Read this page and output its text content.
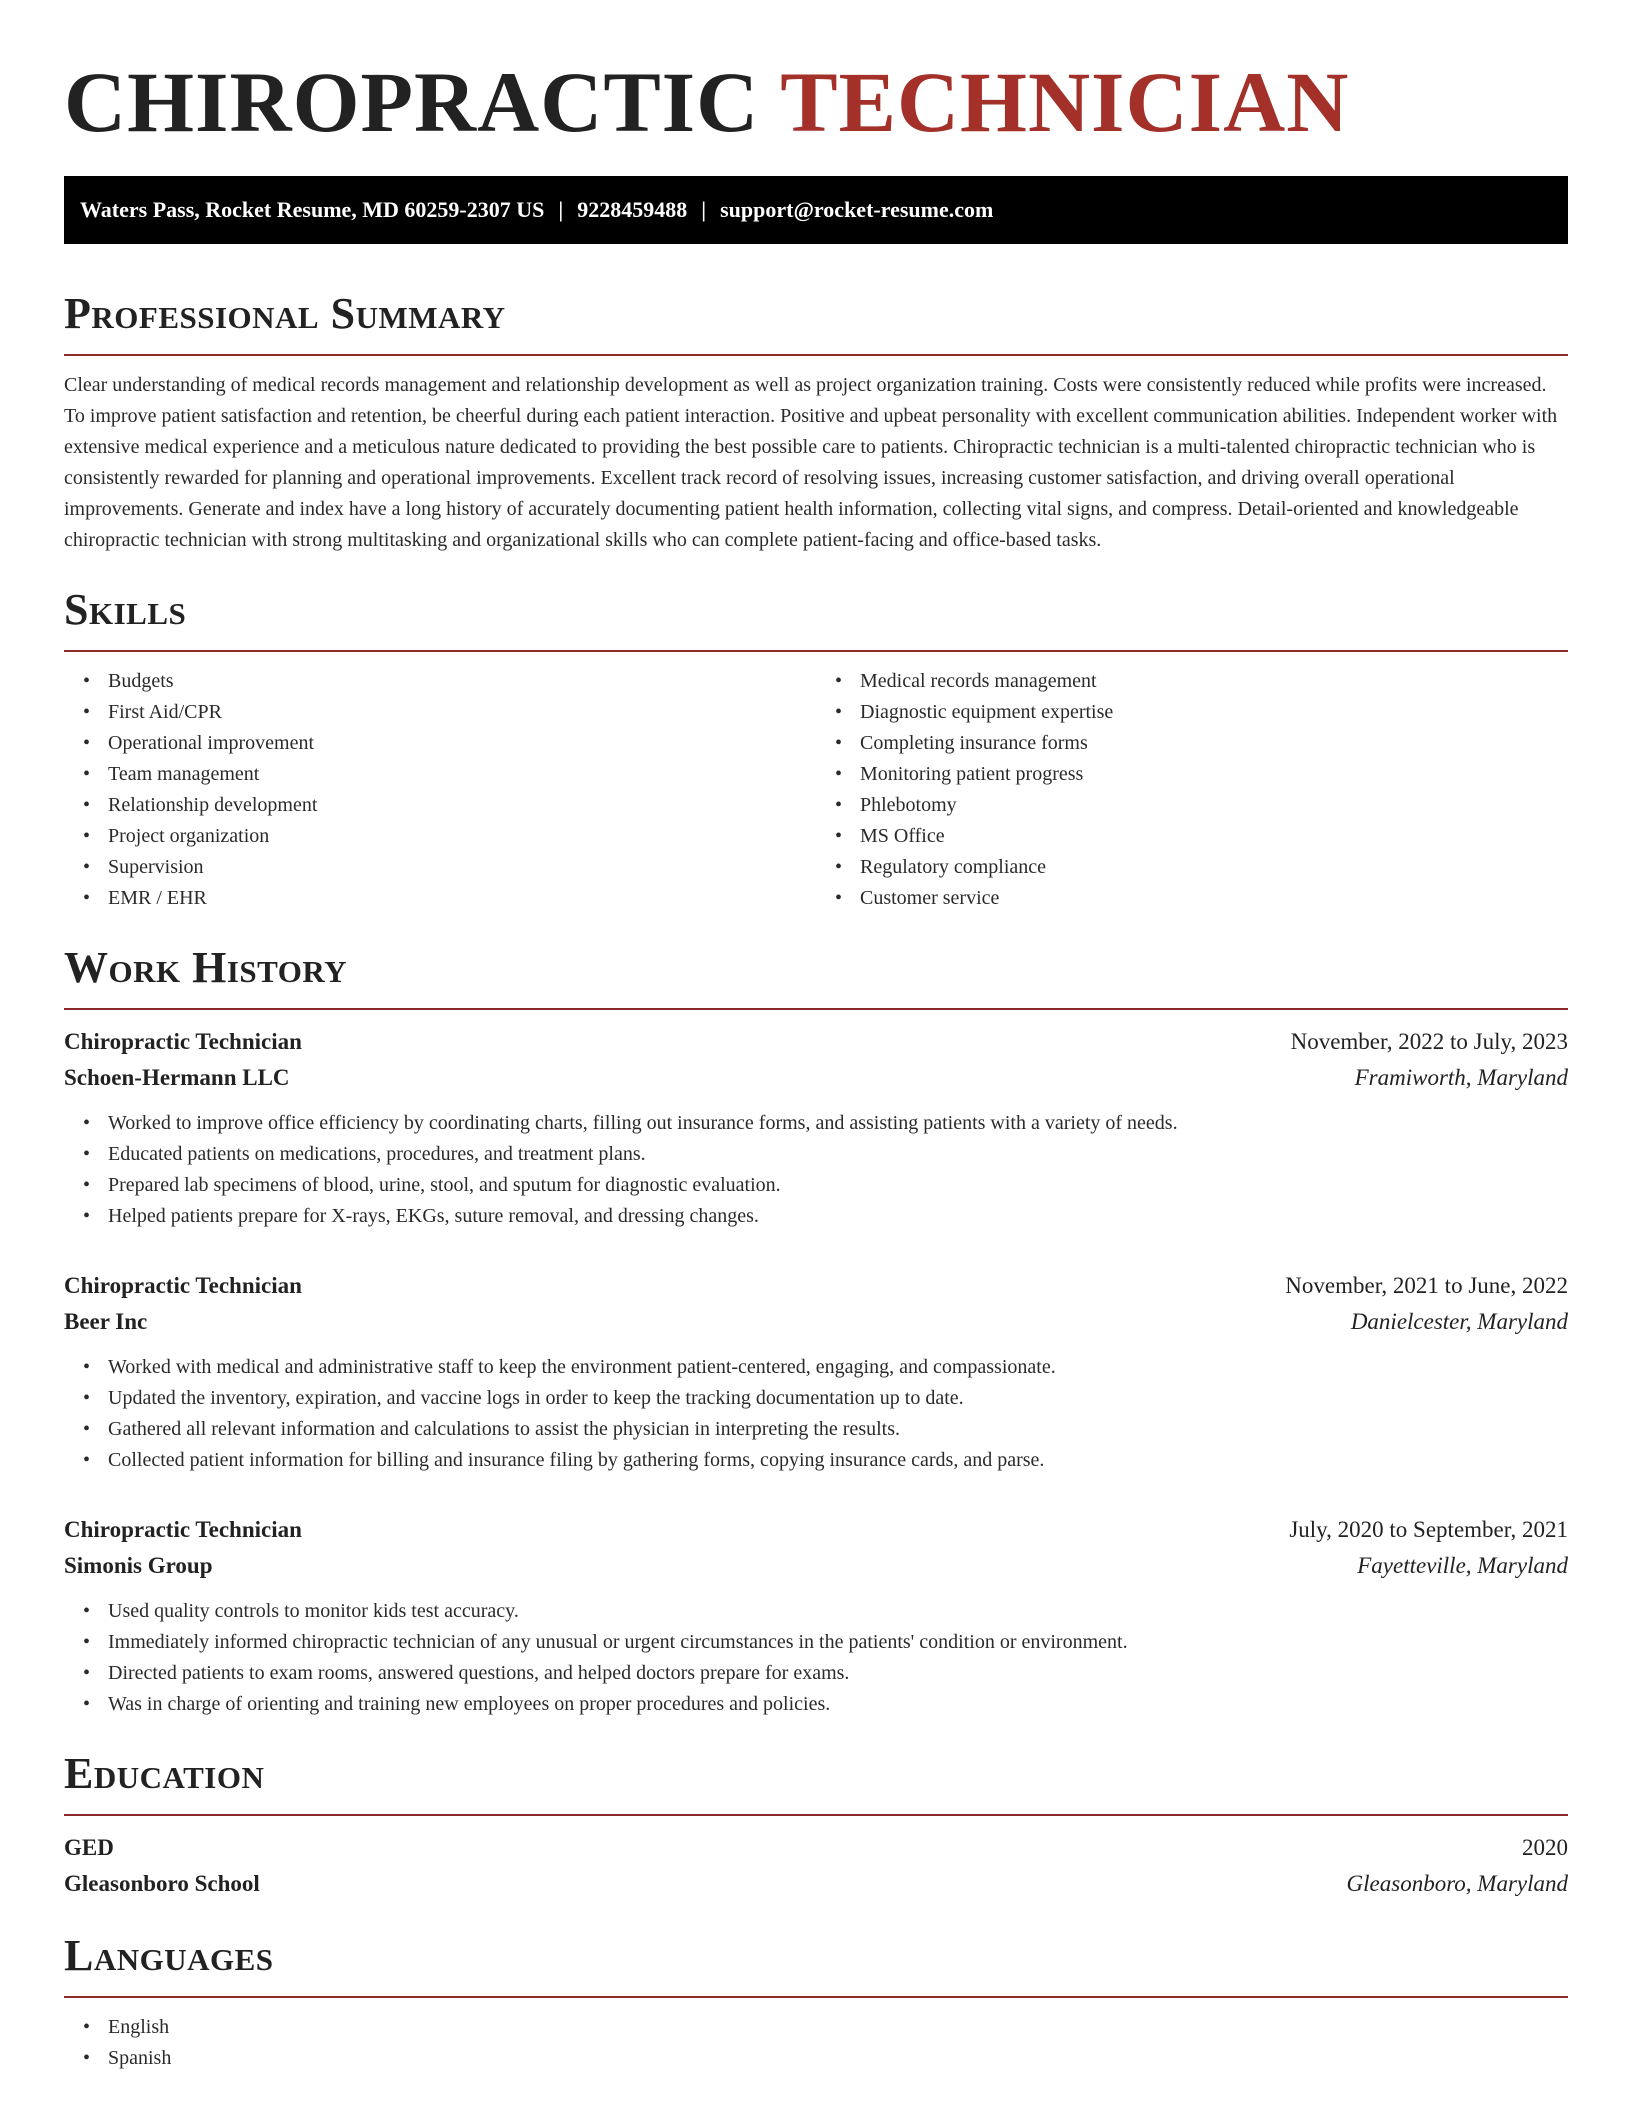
CHIROPRACTIC TECHNICIAN
Waters Pass, Rocket Resume, MD 60259-2307 US | 9228459488 | support@rocket-resume.com
Professional Summary

Clear understanding of medical records management and relationship development as well as project organization training. Costs were consistently reduced while profits were increased. To improve patient satisfaction and retention, be cheerful during each patient interaction. Positive and upbeat personality with excellent communication abilities. Independent worker with extensive medical experience and a meticulous nature dedicated to providing the best possible care to patients. Chiropractic technician is a multi-talented chiropractic technician who is consistently rewarded for planning and operational improvements. Excellent track record of resolving issues, increasing customer satisfaction, and driving overall operational improvements. Generate and index have a long history of accurately documenting patient health information, collecting vital signs, and compress. Detail-oriented and knowledgeable chiropractic technician with strong multitasking and organizational skills who can complete patient-facing and office-based tasks.

Skills
• Budgets
• First Aid/CPR
• Operational improvement
• Team management
• Relationship development
• Project organization
• Supervision
• EMR / EHR
• Medical records management
• Diagnostic equipment expertise
• Completing insurance forms
• Monitoring patient progress
• Phlebotomy
• MS Office
• Regulatory compliance
• Customer service
Work History
Chiropractic Technician	November, 2022 to July, 2023
Schoen-Hermann LLC	Framiworth, Maryland
• Worked to improve office efficiency by coordinating charts, filling out insurance forms, and assisting patients with a variety of needs.
• Educated patients on medications, procedures, and treatment plans.
• Prepared lab specimens of blood, urine, stool, and sputum for diagnostic evaluation.
• Helped patients prepare for X-rays, EKGs, suture removal, and dressing changes.
Chiropractic Technician	November, 2021 to June, 2022
Beer Inc	Danielcester, Maryland
• Worked with medical and administrative staff to keep the environment patient-centered, engaging, and compassionate.
• Updated the inventory, expiration, and vaccine logs in order to keep the tracking documentation up to date.
• Gathered all relevant information and calculations to assist the physician in interpreting the results.
• Collected patient information for billing and insurance filing by gathering forms, copying insurance cards, and parse.
Chiropractic Technician	July, 2020 to September, 2021
Simonis Group	Fayetteville, Maryland
• Used quality controls to monitor kids test accuracy.
• Immediately informed chiropractic technician of any unusual or urgent circumstances in the patients' condition or environment.
• Directed patients to exam rooms, answered questions, and helped doctors prepare for exams.
• Was in charge of orienting and training new employees on proper procedures and policies.
Education
GED	2020
Gleasonboro School	Gleasonboro, Maryland
Languages
• English
• Spanish
